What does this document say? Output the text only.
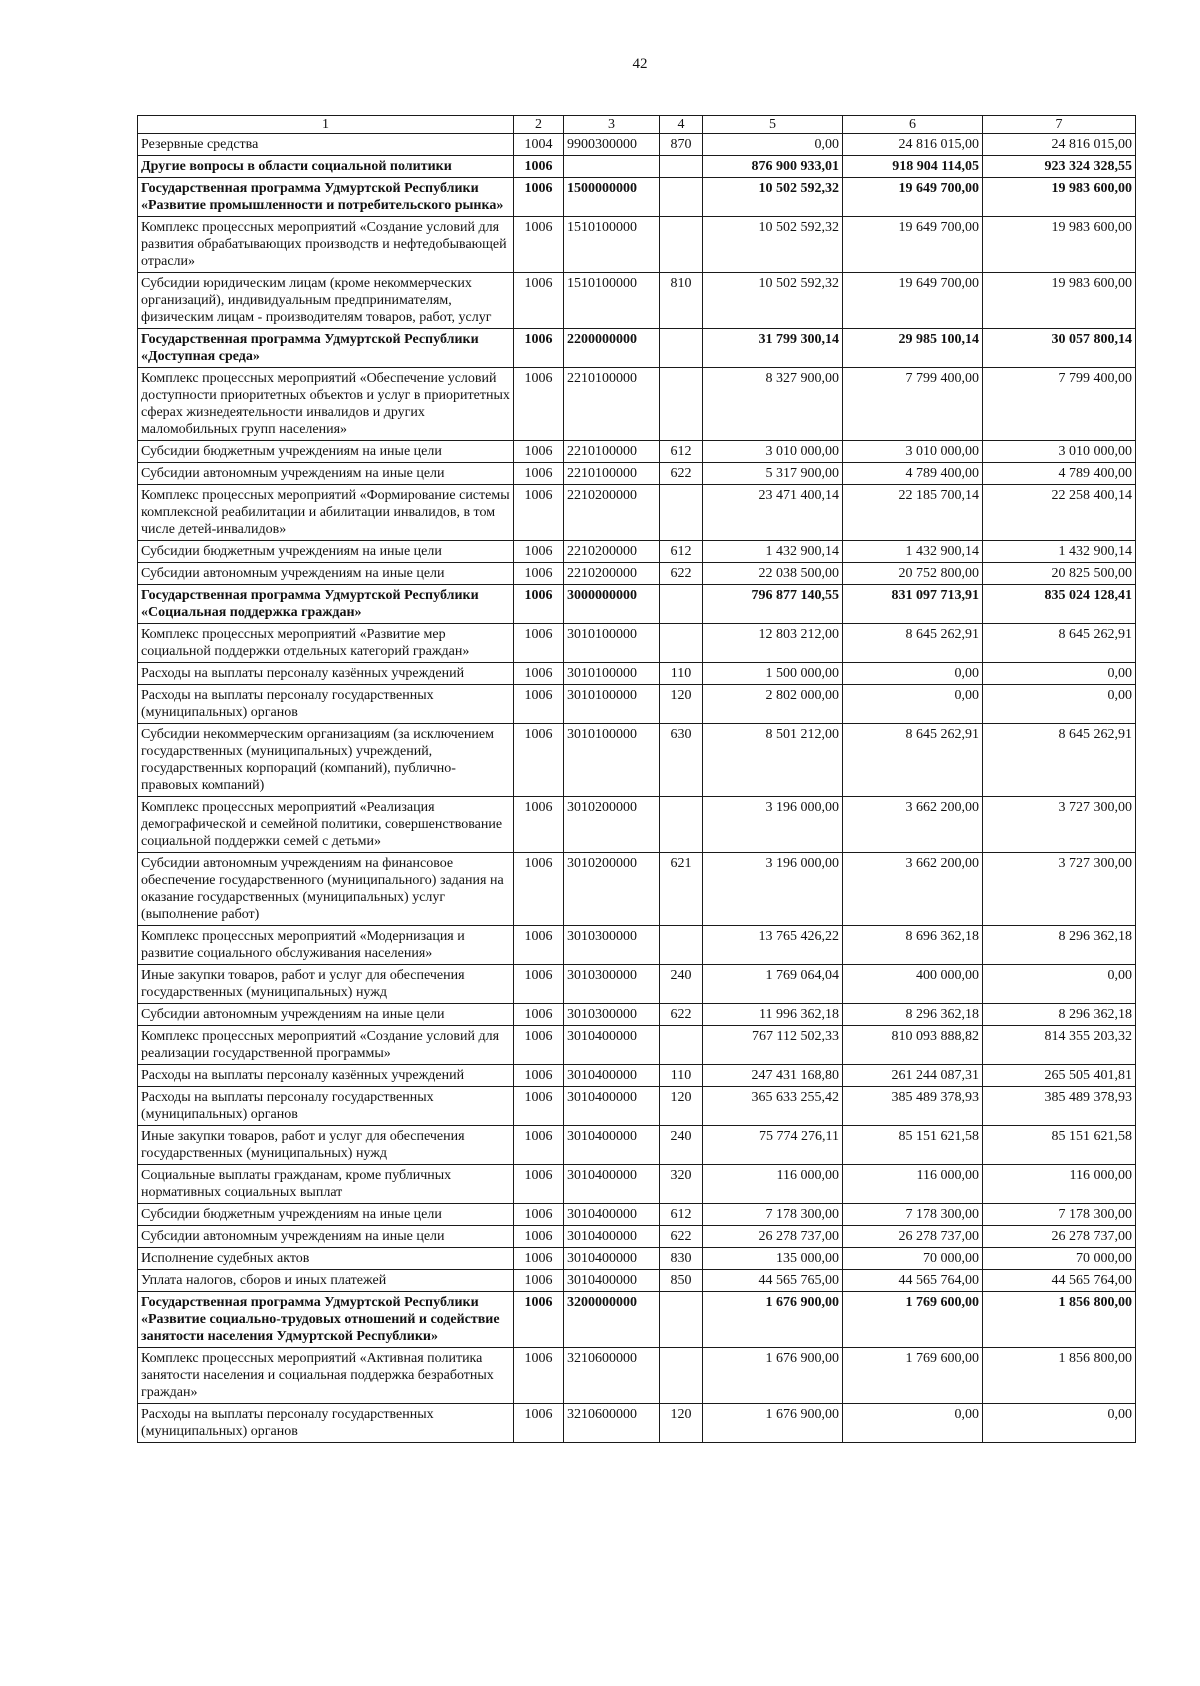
42
1	2	3	4	5	6	7
Резервные средства	1004	9900300000	870	0,00	24 816 015,00	24 816 015,00
Другие вопросы в области социальной политики	1006			876 900 933,01	918 904 114,05	923 324 328,55
Государственная программа Удмуртской Республики «Развитие промышленности и потребительского рынка»	1006	1500000000		10 502 592,32	19 649 700,00	19 983 600,00
Комплекс процессных мероприятий «Создание условий для развития обрабатывающих производств и нефтедобывающей отрасли»	1006	1510100000		10 502 592,32	19 649 700,00	19 983 600,00
Субсидии юридическим лицам (кроме некоммерческих организаций), индивидуальным предпринимателям, физическим лицам - производителям товаров, работ, услуг	1006	1510100000	810	10 502 592,32	19 649 700,00	19 983 600,00
Государственная программа Удмуртской Республики «Доступная среда»	1006	2200000000		31 799 300,14	29 985 100,14	30 057 800,14
Комплекс процессных мероприятий «Обеспечение условий доступности приоритетных объектов и услуг в приоритетных сферах жизнедеятельности инвалидов и других маломобильных групп населения»	1006	2210100000		8 327 900,00	7 799 400,00	7 799 400,00
Субсидии бюджетным учреждениям на иные цели	1006	2210100000	612	3 010 000,00	3 010 000,00	3 010 000,00
Субсидии автономным учреждениям на иные цели	1006	2210100000	622	5 317 900,00	4 789 400,00	4 789 400,00
Комплекс процессных мероприятий «Формирование системы комплексной реабилитации и абилитации инвалидов, в том числе детей-инвалидов»	1006	2210200000		23 471 400,14	22 185 700,14	22 258 400,14
Субсидии бюджетным учреждениям на иные цели	1006	2210200000	612	1 432 900,14	1 432 900,14	1 432 900,14
Субсидии автономным учреждениям на иные цели	1006	2210200000	622	22 038 500,00	20 752 800,00	20 825 500,00
Государственная программа Удмуртской Республики «Социальная поддержка граждан»	1006	3000000000		796 877 140,55	831 097 713,91	835 024 128,41
Комплекс процессных мероприятий «Развитие мер социальной поддержки отдельных категорий граждан»	1006	3010100000		12 803 212,00	8 645 262,91	8 645 262,91
Расходы на выплаты персоналу казённых учреждений	1006	3010100000	110	1 500 000,00	0,00	0,00
Расходы на выплаты персоналу государственных (муниципальных) органов	1006	3010100000	120	2 802 000,00	0,00	0,00
Субсидии некоммерческим организациям (за исключением государственных (муниципальных) учреждений, государственных корпораций (компаний), публично-правовых компаний)	1006	3010100000	630	8 501 212,00	8 645 262,91	8 645 262,91
Комплекс процессных мероприятий «Реализация демографической и семейной политики, совершенствование социальной поддержки семей с детьми»	1006	3010200000		3 196 000,00	3 662 200,00	3 727 300,00
Субсидии автономным учреждениям на финансовое обеспечение государственного (муниципального) задания на оказание государственных (муниципальных) услуг (выполнение работ)	1006	3010200000	621	3 196 000,00	3 662 200,00	3 727 300,00
Комплекс процессных мероприятий «Модернизация и развитие социального обслуживания населения»	1006	3010300000		13 765 426,22	8 696 362,18	8 296 362,18
Иные закупки товаров, работ и услуг для обеспечения государственных (муниципальных) нужд	1006	3010300000	240	1 769 064,04	400 000,00	0,00
Субсидии автономным учреждениям на иные цели	1006	3010300000	622	11 996 362,18	8 296 362,18	8 296 362,18
Комплекс процессных мероприятий «Создание условий для реализации государственной программы»	1006	3010400000		767 112 502,33	810 093 888,82	814 355 203,32
Расходы на выплаты персоналу казённых учреждений	1006	3010400000	110	247 431 168,80	261 244 087,31	265 505 401,81
Расходы на выплаты персоналу государственных (муниципальных) органов	1006	3010400000	120	365 633 255,42	385 489 378,93	385 489 378,93
Иные закупки товаров, работ и услуг для обеспечения государственных (муниципальных) нужд	1006	3010400000	240	75 774 276,11	85 151 621,58	85 151 621,58
Социальные выплаты гражданам, кроме публичных нормативных социальных выплат	1006	3010400000	320	116 000,00	116 000,00	116 000,00
Субсидии бюджетным учреждениям на иные цели	1006	3010400000	612	7 178 300,00	7 178 300,00	7 178 300,00
Субсидии автономным учреждениям на иные цели	1006	3010400000	622	26 278 737,00	26 278 737,00	26 278 737,00
Исполнение судебных актов	1006	3010400000	830	135 000,00	70 000,00	70 000,00
Уплата налогов, сборов и иных платежей	1006	3010400000	850	44 565 765,00	44 565 764,00	44 565 764,00
Государственная программа Удмуртской Республики «Развитие социально-трудовых отношений и содействие занятости населения Удмуртской Республики»	1006	3200000000		1 676 900,00	1 769 600,00	1 856 800,00
Комплекс процессных мероприятий «Активная политика занятости населения и социальная поддержка безработных граждан»	1006	3210600000		1 676 900,00	1 769 600,00	1 856 800,00
Расходы на выплаты персоналу государственных (муниципальных) органов	1006	3210600000	120	1 676 900,00	0,00	0,00
